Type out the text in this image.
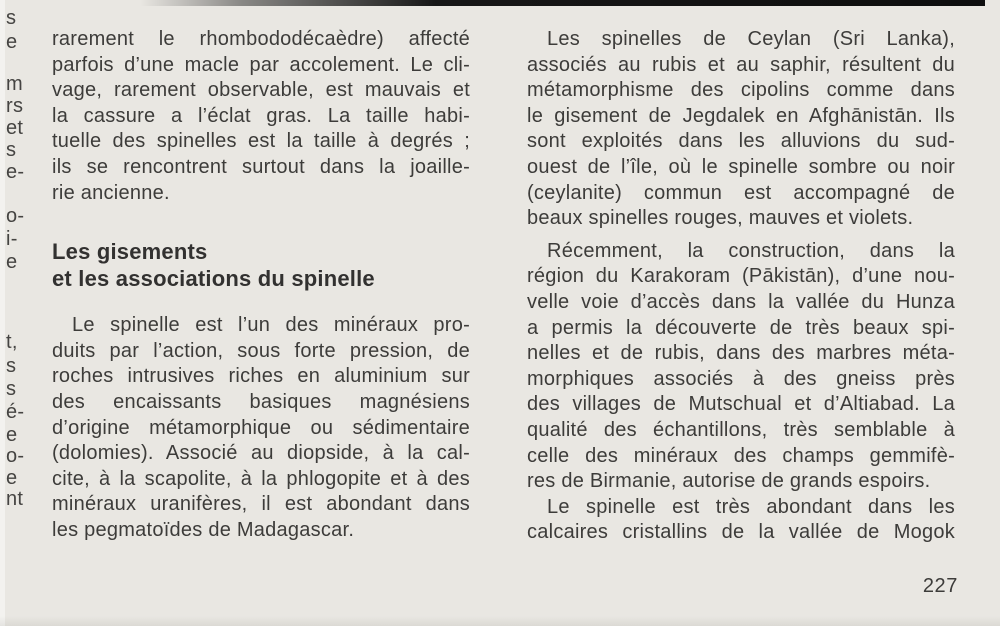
s
e
m
rs
et
s
e-
o-
i-
e
t,
s
s
é-
e
o-
e
nt
rarement le rhombododécaèdre) affecté
parfois d’une macle par accolement. Le cli-
vage, rarement observable, est mauvais et
la cassure a l’éclat gras. La taille habi-
tuelle des spinelles est la taille à degrés ;
ils se rencontrent surtout dans la joaille-
rie ancienne.
Les gisements
et les associations du spinelle
Le spinelle est l’un des minéraux pro-
duits par l’action, sous forte pression, de
roches intrusives riches en aluminium sur
des encaissants basiques magnésiens
d’origine métamorphique ou sédimentaire
(dolomies). Associé au diopside, à la cal-
cite, à la scapolite, à la phlogopite et à des
minéraux uranifères, il est abondant dans
les pegmatoïdes de Madagascar.
Les spinelles de Ceylan (Sri Lanka),
associés au rubis et au saphir, résultent du
métamorphisme des cipolins comme dans
le gisement de Jegdalek en Afghānistān. Ils
sont exploités dans les alluvions du sud-
ouest de l’île, où le spinelle sombre ou noir
(ceylanite) commun est accompagné de
beaux spinelles rouges, mauves et violets.
Récemment, la construction, dans la
région du Karakoram (Pākistān), d’une nou-
velle voie d’accès dans la vallée du Hunza
a permis la découverte de très beaux spi-
nelles et de rubis, dans des marbres méta-
morphiques associés à des gneiss près
des villages de Mutschual et d’Altiabad. La
qualité des échantillons, très semblable à
celle des minéraux des champs gemmifè-
res de Birmanie, autorise de grands espoirs.
Le spinelle est très abondant dans les
calcaires cristallins de la vallée de Mogok
227
